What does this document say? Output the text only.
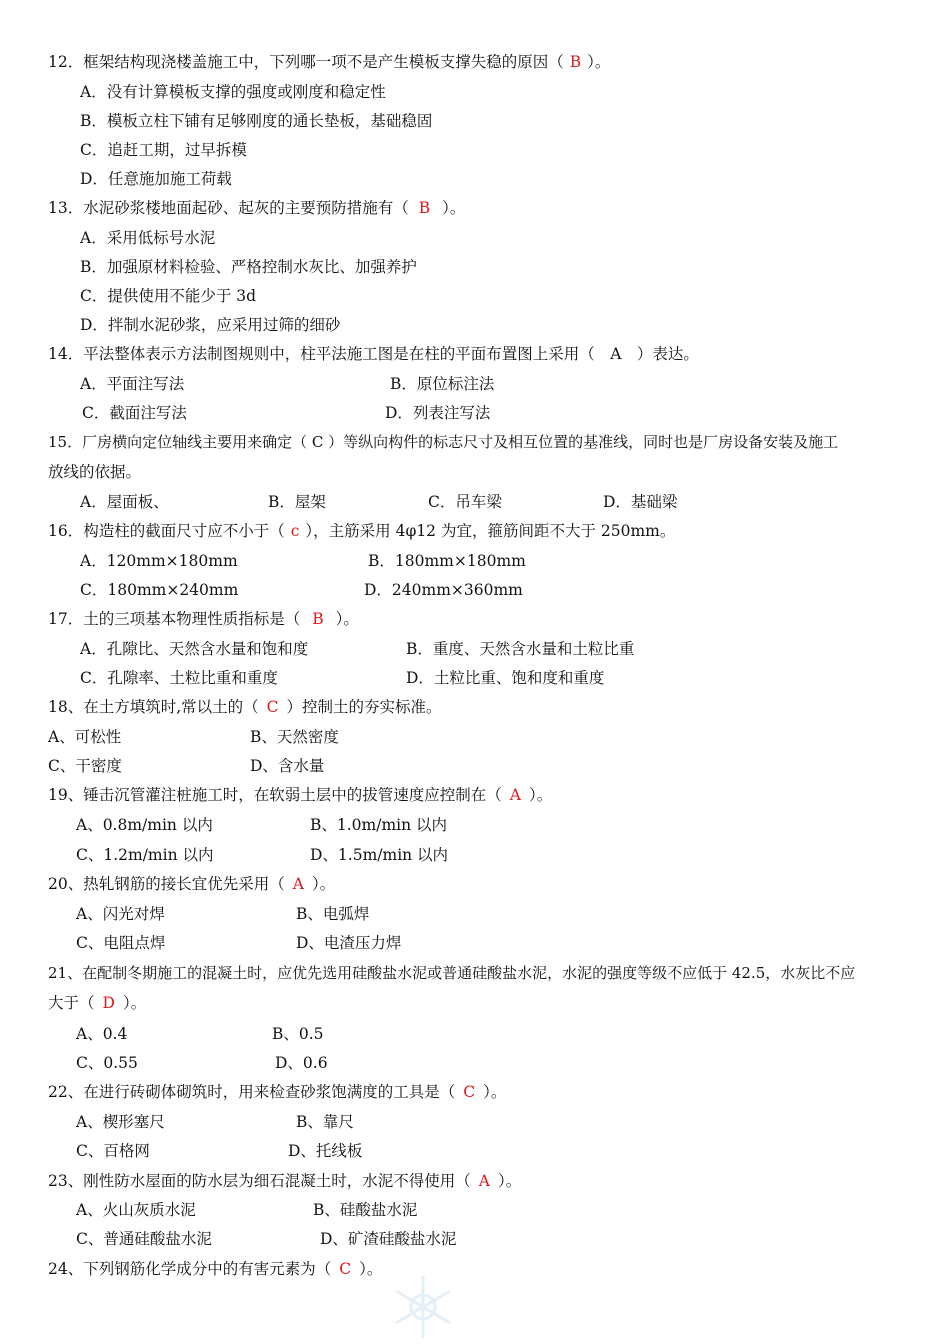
12．框架结构现浇楼盖施工中，下列哪一项不是产生模板支撑失稳的原因（ B ）。
A．没有计算模板支撑的强度或刚度和稳定性
B．模板立柱下铺有足够刚度的通长垫板，基础稳固
C．追赶工期，过早拆模
D．任意施加施工荷载
13．水泥砂浆楼地面起砂、起灰的主要预防措施有（ B ）。
A．采用低标号水泥
B．加强原材料检验、严格控制水灰比、加强养护
C．提供使用不能少于 3d
D．拌制水泥砂浆，应采用过筛的细砂
14．平法整体表示方法制图规则中，柱平法施工图是在柱的平面布置图上采用（　A　）表达。
A．平面注写法	B．原位标注法
C．截面注写法	D．列表注写法
15．厂房横向定位轴线主要用来确定（ C ）等纵向构件的标志尺寸及相互位置的基准线，同时也是厂房设备安装及施工
放线的依据。
A．屋面板、	B．屋架	C．吊车梁	D．基础梁
16．构造柱的截面尺寸应不小于（ c ），主筋采用 4φ12 为宜，箍筋间距不大于 250mm。
A．120mm×180mm	B．180mm×180mm
C．180mm×240mm	D．240mm×360mm
17．土的三项基本物理性质指标是（ B ）。
A．孔隙比、天然含水量和饱和度	B．重度、天然含水量和土粒比重
C．孔隙率、土粒比重和重度	D．土粒比重、饱和度和重度
18、在土方填筑时,常以土的（ C ）控制土的夯实标准。
A、可松性	B、天然密度
C、干密度	D、含水量
19、锤击沉管灌注桩施工时，在软弱土层中的拔管速度应控制在（ A ）。
A、0.8m/min 以内	B、1.0m/min 以内
C、1.2m/min 以内	D、1.5m/min 以内
20、热轧钢筋的接长宜优先采用（ A ）。
A、闪光对焊	B、电弧焊
C、电阻点焊	D、电渣压力焊
21、在配制冬期施工的混凝土时，应优先选用硅酸盐水泥或普通硅酸盐水泥，水泥的强度等级不应低于 42.5，水灰比不应
大于（ D ）。
A、0.4	B、0.5
C、0.55	D、0.6
22、在进行砖砌体砌筑时，用来检查砂浆饱满度的工具是（ C ）。
A、楔形塞尺	B、靠尺
C、百格网	D、托线板
23、刚性防水屋面的防水层为细石混凝土时，水泥不得使用（ A ）。
A、火山灰质水泥	B、硅酸盐水泥
C、普通硅酸盐水泥	D、矿渣硅酸盐水泥
24、下列钢筋化学成分中的有害元素为（ C ）。
